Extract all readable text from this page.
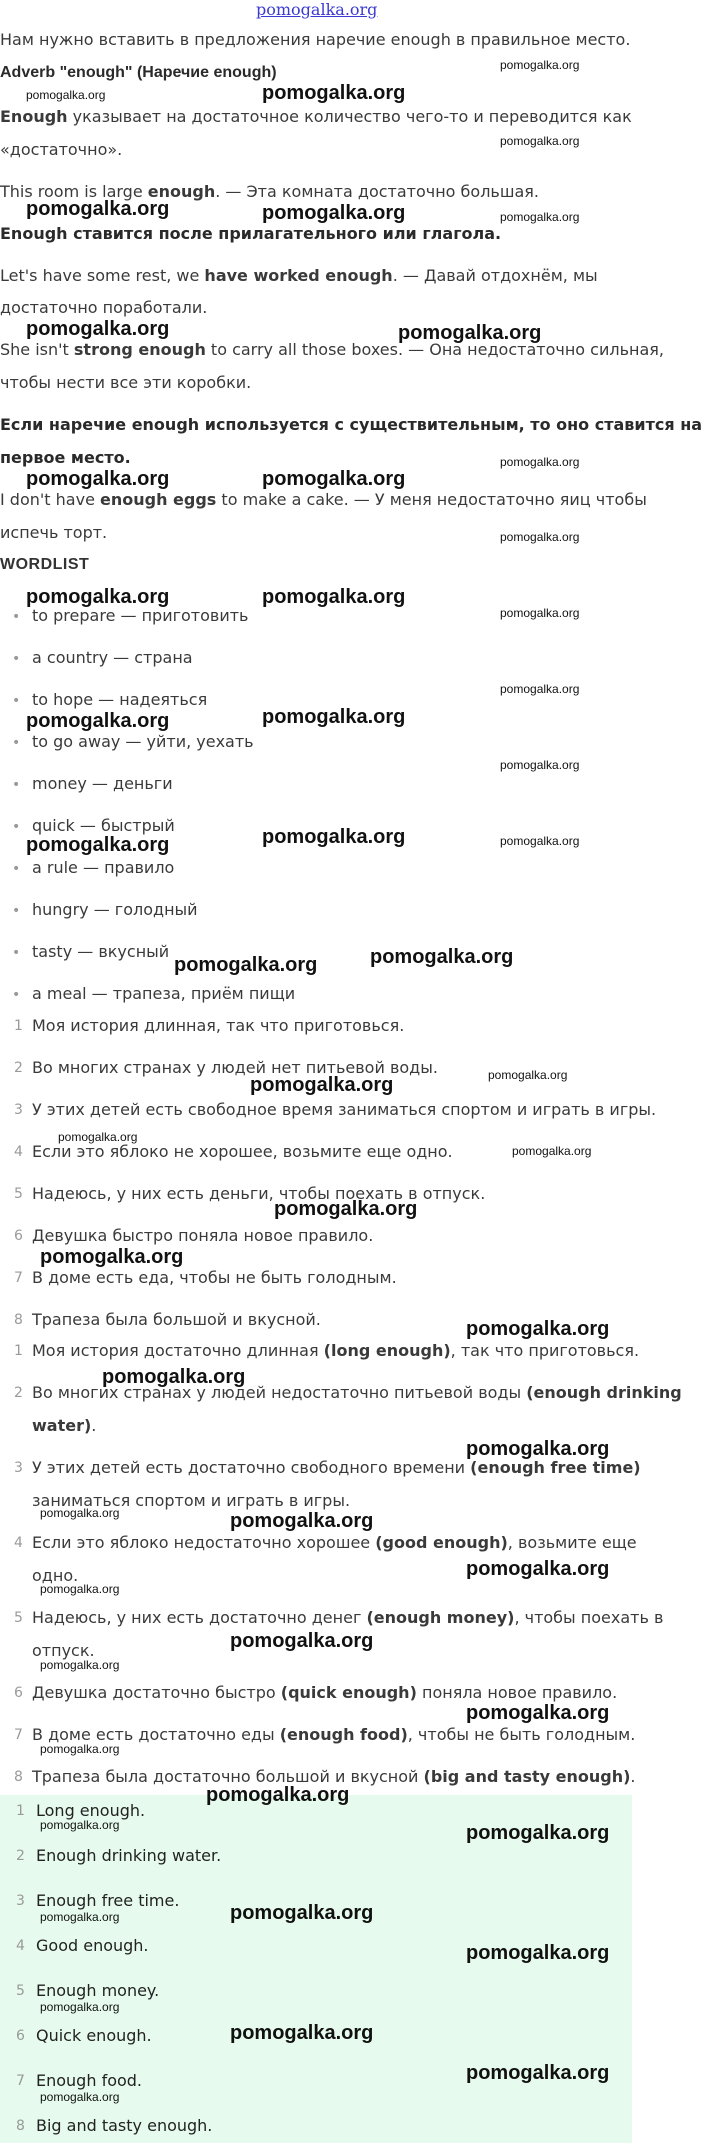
pomogalka.org
Нам нужно вставить в предложения наречие enough в правильное место.
Adverb "enough" (Наречие enough)
Enough указывает на достаточное количество чего-то и переводится как
«достаточно».
This room is large enough. — Эта комната достаточно большая.
Enough ставится после прилагательного или глагола.
Let's have some rest, we have worked enough. — Давай отдохнём, мы
достаточно поработали.
She isn't strong enough to carry all those boxes. — Она недостаточно сильная,
чтобы нести все эти коробки.
Если наречие enough используется с существительным, то оно ставится на
первое место.
I don't have enough eggs to make a cake. — У меня недостаточно яиц чтобы
испечь торт.
WORDLIST
• to prepare — приготовить
• a country — страна
• to hope — надеяться
• to go away — уйти, уехать
• money — деньги
• quick — быстрый
• a rule — правило
• hungry — голодный
• tasty — вкусный
• a meal — трапеза, приём пищи
1 Моя история длинная, так что приготовься.
2 Во многих странах у людей нет питьевой воды.
3 У этих детей есть свободное время заниматься спортом и играть в игры.
4 Если это яблоко не хорошее, возьмите еще одно.
5 Надеюсь, у них есть деньги, чтобы поехать в отпуск.
6 Девушка быстро поняла новое правило.
7 В доме есть еда, чтобы не быть голодным.
8 Трапеза была большой и вкусной.
1 Моя история достаточно длинная (long enough), так что приготовься.
2 Во многих странах у людей недостаточно питьевой воды (enough drinking
water).
3 У этих детей есть достаточно свободного времени (enough free time)
заниматься спортом и играть в игры.
4 Если это яблоко недостаточно хорошее (good enough), возьмите еще
одно.
5 Надеюсь, у них есть достаточно денег (enough money), чтобы поехать в
отпуск.
6 Девушка достаточно быстро (quick enough) поняла новое правило.
7 В доме есть достаточно еды (enough food), чтобы не быть голодным.
8 Трапеза была достаточно большой и вкусной (big and tasty enough).
1 Long enough.
2 Enough drinking water.
3 Enough free time.
4 Good enough.
5 Enough money.
6 Quick enough.
7 Enough food.
8 Big and tasty enough.
pomogalka.org
pomogalka.org	pomogalka.org
pomogalka.org
pomogalka.org	pomogalka.org	pomogalka.org
pomogalka.org	pomogalka.org
pomogalka.org
pomogalka.org	pomogalka.org
pomogalka.org
pomogalka.org	pomogalka.org
pomogalka.org
pomogalka.org
pomogalka.org	pomogalka.org
pomogalka.org
pomogalka.org	pomogalka.org
pomogalka.org
pomogalka.org
pomogalka.org
pomogalka.org
pomogalka.org
pomogalka.org
pomogalka.org
pomogalka.org
pomogalka.org
pomogalka.org
pomogalka.org
pomogalka.org
pomogalka.org	pomogalka.org
pomogalka.org
pomogalka.org
pomogalka.org
pomogalka.org
pomogalka.org
pomogalka.org
pomogalka.org
pomogalka.org	pomogalka.org
pomogalka.org	pomogalka.org
pomogalka.org
pomogalka.org
pomogalka.org
pomogalka.org
pomogalka.org
